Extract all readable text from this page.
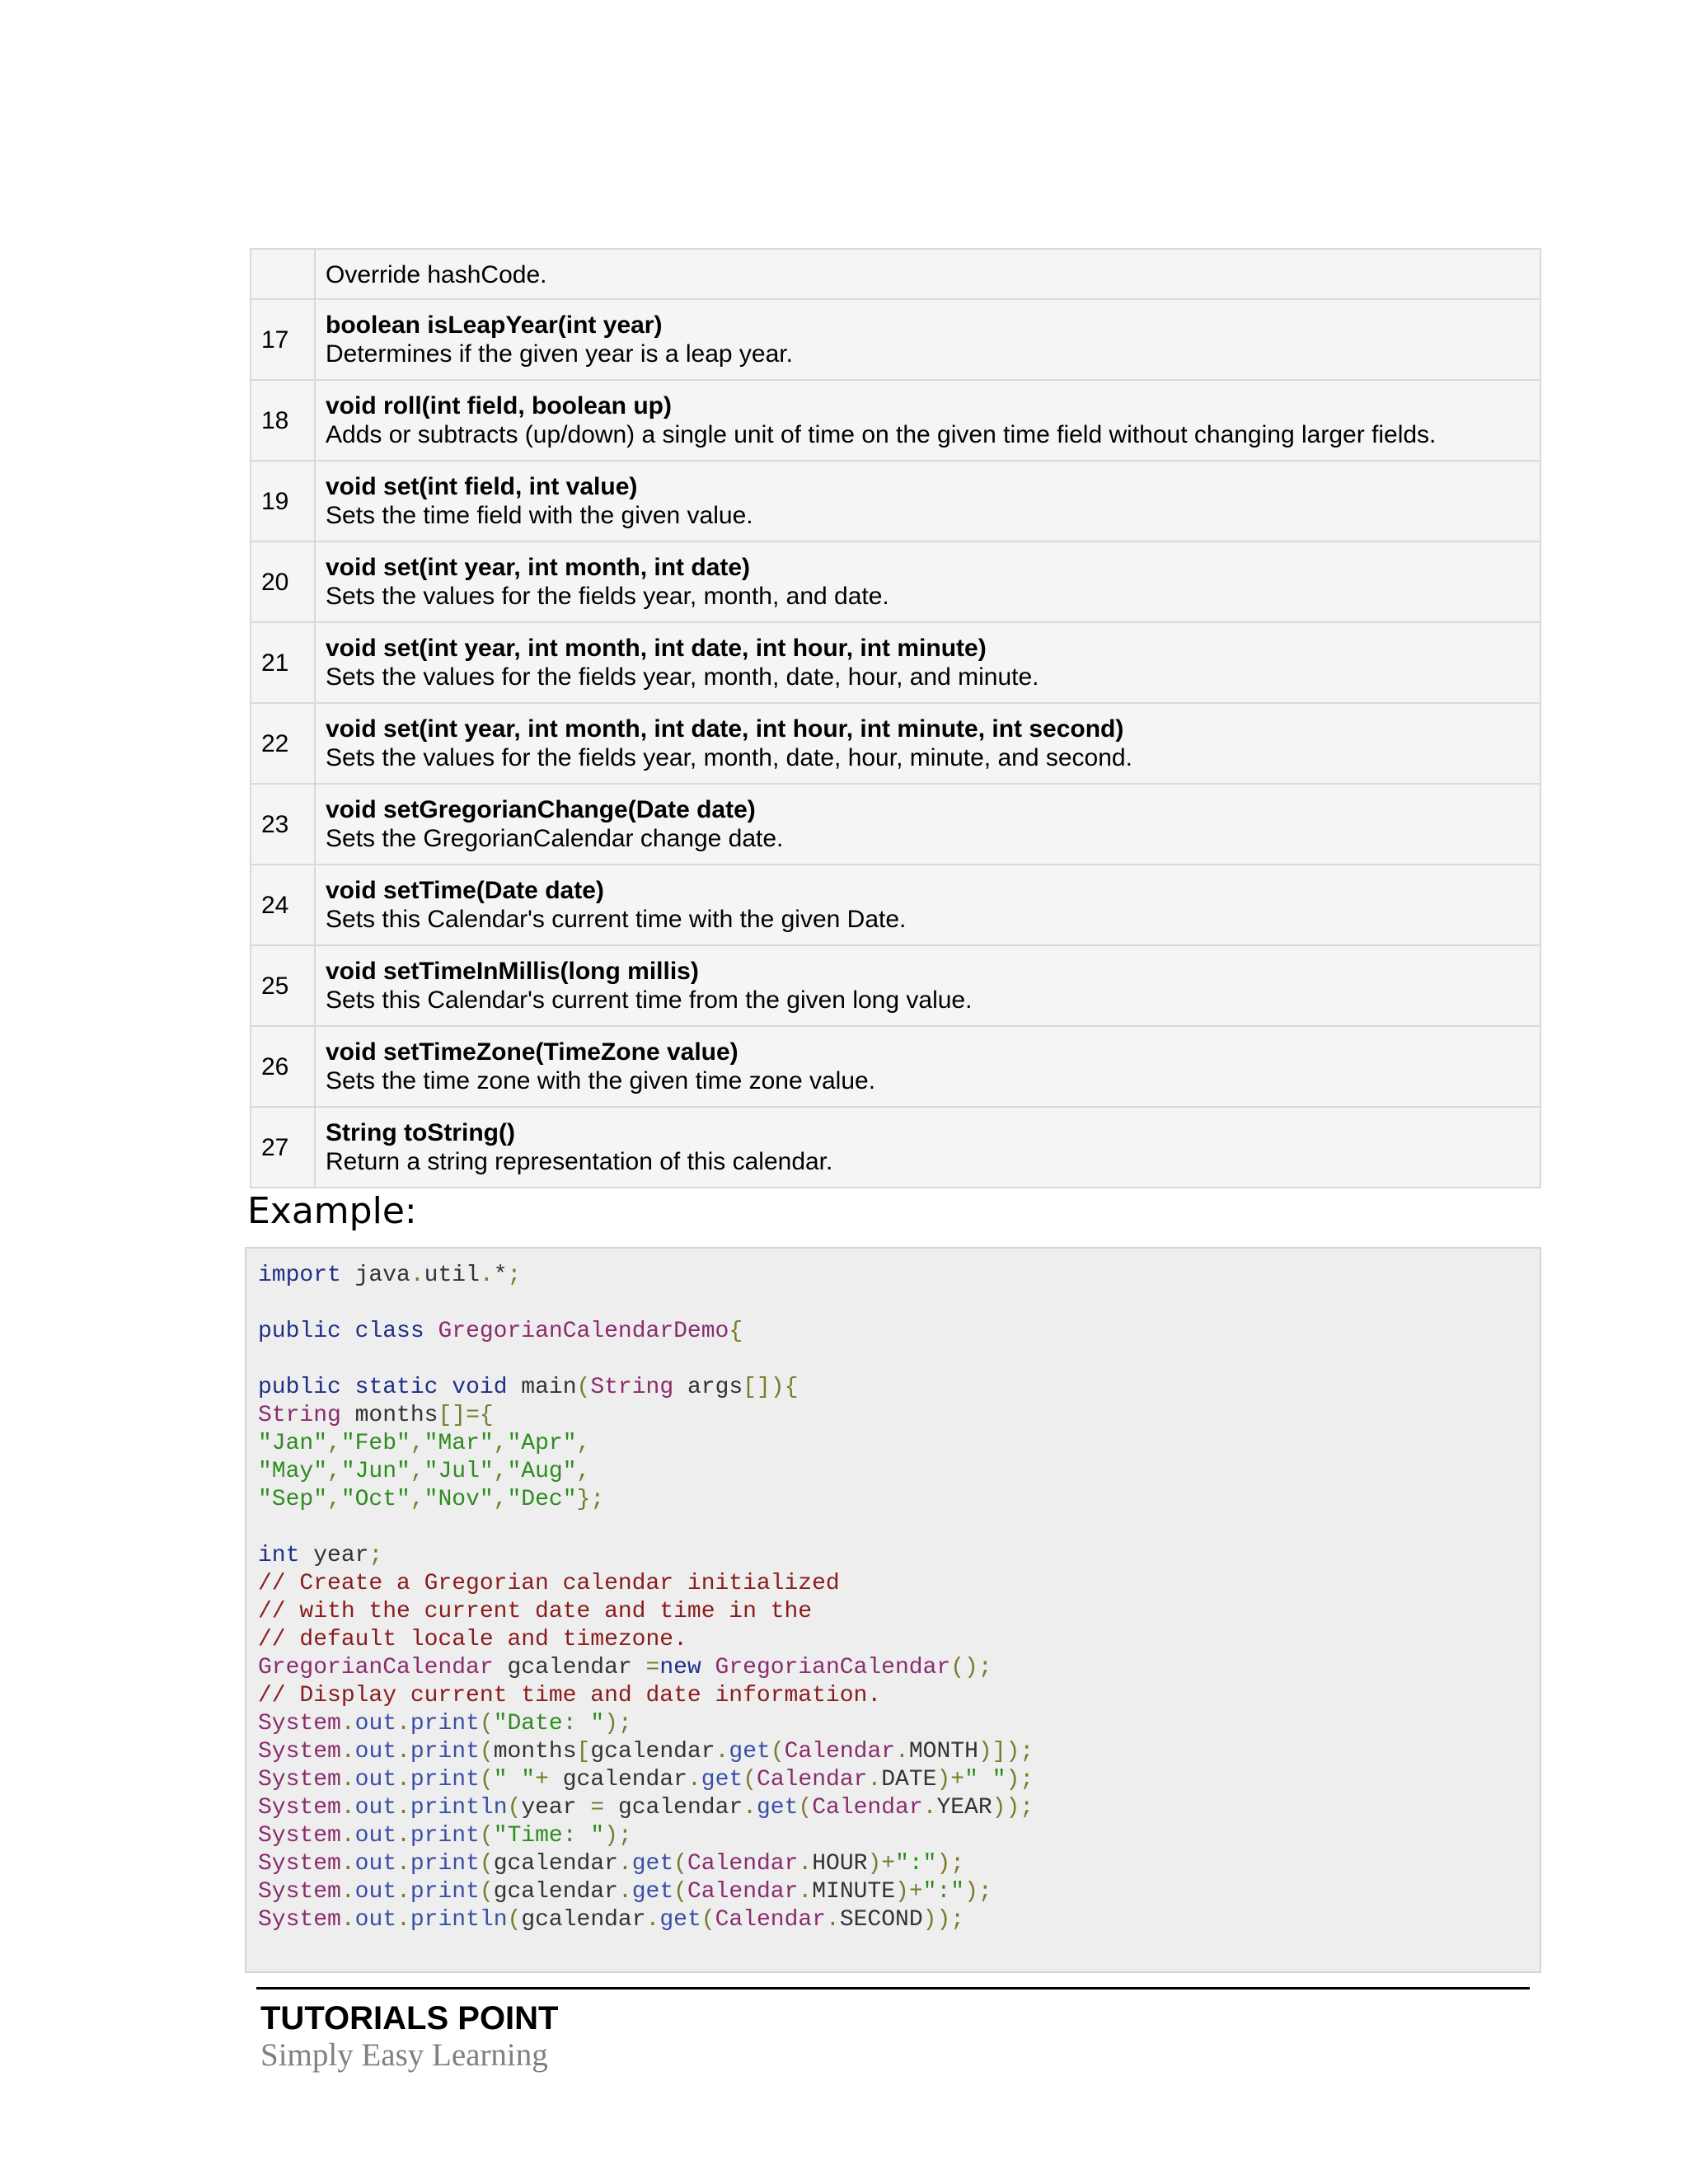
	Override hashCode.

17	boolean isLeapYear(int year)
Determines if the given year is a leap year.

18	void roll(int field, boolean up)
Adds or subtracts (up/down) a single unit of time on the given time field without changing larger fields.

19	void set(int field, int value)
Sets the time field with the given value.

20	void set(int year, int month, int date)
Sets the values for the fields year, month, and date.

21	void set(int year, int month, int date, int hour, int minute)
Sets the values for the fields year, month, date, hour, and minute.

22	void set(int year, int month, int date, int hour, int minute, int second)
Sets the values for the fields year, month, date, hour, minute, and second.

23	void setGregorianChange(Date date)
Sets the GregorianCalendar change date.

24	void setTime(Date date)
Sets this Calendar's current time with the given Date.

25	void setTimeInMillis(long millis)
Sets this Calendar's current time from the given long value.

26	void setTimeZone(TimeZone value)
Sets the time zone with the given time zone value.

27	String toString()
Return a string representation of this calendar.
Example:
import java.util.*;

public class GregorianCalendarDemo{

public static void main(String args[]){
String months[]={
"Jan","Feb","Mar","Apr",
"May","Jun","Jul","Aug",
"Sep","Oct","Nov","Dec"};

int year;
// Create a Gregorian calendar initialized
// with the current date and time in the
// default locale and timezone.
GregorianCalendar gcalendar =new GregorianCalendar();
// Display current time and date information.
System.out.print("Date: ");
System.out.print(months[gcalendar.get(Calendar.MONTH)]);
System.out.print(" "+ gcalendar.get(Calendar.DATE)+" ");
System.out.println(year = gcalendar.get(Calendar.YEAR));
System.out.print("Time: ");
System.out.print(gcalendar.get(Calendar.HOUR)+":");
System.out.print(gcalendar.get(Calendar.MINUTE)+":");
System.out.println(gcalendar.get(Calendar.SECOND));
TUTORIALS POINT
Simply Easy Learning
